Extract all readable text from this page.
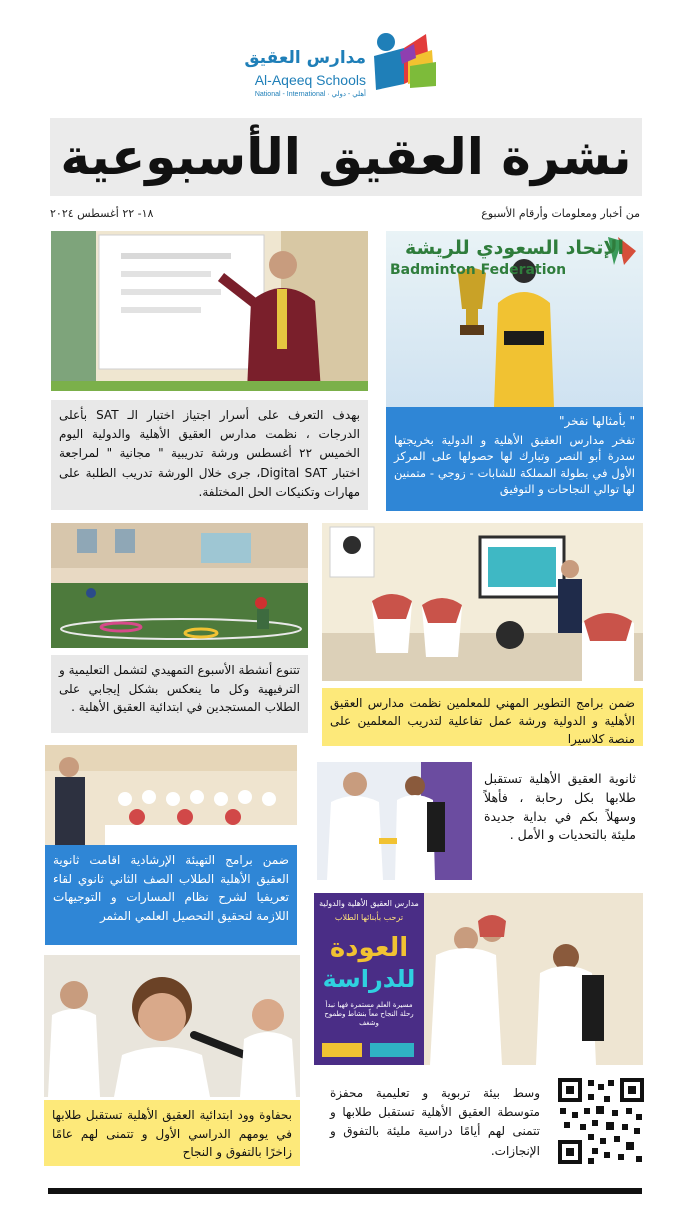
مدارس العقيق
Al-Aqeeq Schools
National - International · أهلي - دولي
نشرة العقيق الأسبوعية
من أخبار ومعلومات وأرقام الأسبوع
١٨- ٢٢ أغسطس ٢٠٢٤
الإتحاد السعودي للريشة
Badminton Federation
" بأمثالها نفخر"
تفخر مدارس العقيق الأهلية و الدولية بخريجتها سدرة أبو النصر وتبارك لها حصولها على المركز الأول في بطولة المملكة للشابات - زوجي - متمنين لها توالي النجاحات و التوفيق
بهدف التعرف على أسرار اجتياز اختبار الـ SAT بأعلى الدرجات ، نظمت مدارس العقيق الأهلية والدولية اليوم الخميس ٢٢ أغسطس ورشة تدريبية " مجانية " لمراجعة اختبار Digital SAT، جرى خلال الورشة تدريب الطلبة على مهارات وتكنيكات الحل المختلفة.
تتنوع أنشطة الأسبوع التمهيدي لتشمل التعليمية و الترفيهية وكل ما ينعكس بشكل إيجابي على الطلاب المستجدين في ابتدائية العقيق الأهلية .	ضمن برامج التطوير المهني للمعلمين نظمت مدارس العقيق الأهلية و الدولية ورشة عمل تفاعلية لتدريب المعلمين على منصة كلاسيرا
ضمن برامج التهيئة الإرشادية اقامت ثانوية العقيق الأهلية الطلاب الصف الثاني ثانوي لقاء تعريفيا لشرح نظام المسارات و التوجيهات اللازمة لتحقيق التحصيل العلمي المثمر
ثانوية العقيق الأهلية تستقبل طلابها بكل رحابة ، فأهلاً وسهلاً بكم في بداية جديدة مليئة بالتحديات و الأمل .
مدارس العقيق الأهلية والدولية
ترحب بأبنائها الطلاب
العودة
للدراسة
مسيرة العلم مستمرة فهيا نبدأ رحلة النجاح معاً بنشاط وطموح وشغف
بحفاوة وود ابتدائية العقيق الأهلية تستقبل طلابها في يومهم الدراسي الأول و تتمنى لهم عامًا زاخرًا بالتفوق و النجاح
وسط بيئة تربوية و تعليمية محفزة متوسطة العقيق الأهلية تستقبل طلابها و تتمنى لهم أيامًا دراسية مليئة بالتفوق و الإنجازات.
